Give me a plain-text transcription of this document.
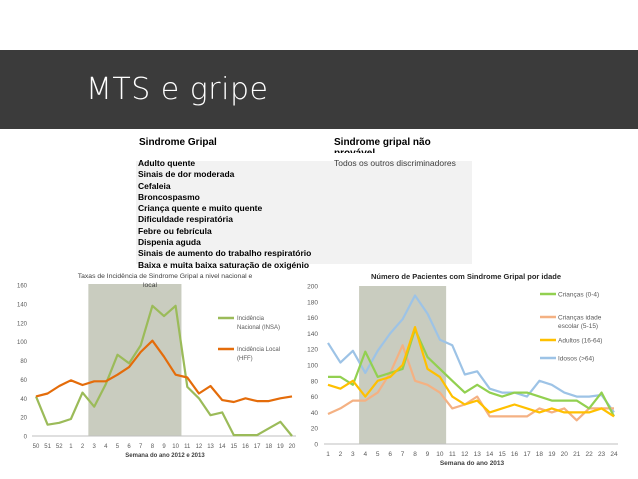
MTS e gripe
Sindrome Gripal	Sindrome gripal não
Adulto quente
Sinais de dor moderada
Cefaleia
Broncospasmo
Criança quente e muito quente
Dificuldade respiratória
Febre ou febrícula
Dispenia aguda
Sinais de aumento do trabalho respiratório
Baixa e muita baixa saturação de oxigénio
Todos os outros discriminadores
0
20
40
60
80
100
120
140
160
50 51 52 1 2 3 4 5 6 7 8 9 10 11 12 13 14 15 16 17 18 19 20
Taxas de Incidência de Sindrome Gripal a nivel nacional e
local
Semana do ano 2012 e 2013
Incidência Nacional (INSA)
Incidência Local (HFF)
0
20
40
60
80
100
120
140
160
180
200
1 2 3 4 5 6 7 8 9 10 11 12 13 14 15 16 17 18 19 20 21 22 23 24
Número de Pacientes com Sindrome Gripal por idade
Semana do ano 2013
Crianças (0-4)
Crianças idade escolar (5-15)
Adultos (16-64)
Idosos (>64)
